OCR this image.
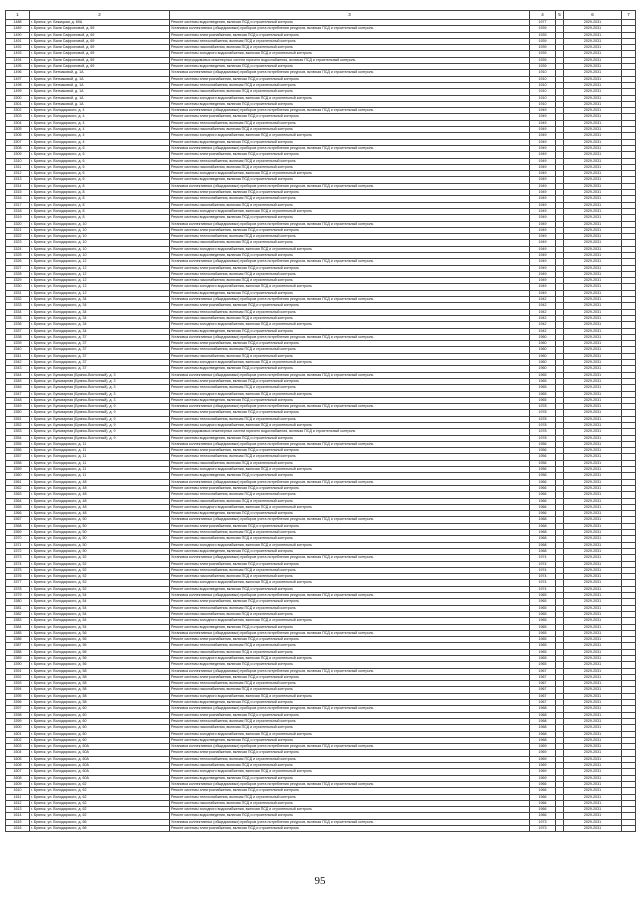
1	2	3	4	5	6	7
1488	г. Брянск, ул. Бежицкая, д. 69А	Ремонт системы водоотведения, включая ПСД и строительный контроль	1977		2029-2031	
1489	г. Брянск, ул. Вали Сафроновой, д. 69	Установка коллективных (общедомовых) приборов учета потребления ресурсов, включая ПСД и строительный контроль	1939		2029-2031	
1490	г. Брянск, ул. Вали Сафроновой, д. 69	Ремонт системы электроснабжения, включая ПСД и строительный контроль	1939		2029-2031	
1491	г. Брянск, ул. Вали Сафроновой, д. 69	Ремонт системы теплоснабжения, включая ПСД и строительный контроль	1939		2029-2031	
1492	г. Брянск, ул. Вали Сафроновой, д. 69	Ремонт системы газоснабжения, включая ПСД и строительный контроль	1939		2029-2031	
1493	г. Брянск, ул. Вали Сафроновой, д. 69	Ремонт системы холодного водоснабжения, включая ПСД и строительный контроль	1939		2029-2031	
1494	г. Брянск, ул. Вали Сафроновой, д. 69	Ремонт внутридомовых инженерных систем горячего водоснабжения, включая ПСД и строительный контроль	1939		2029-2031	
1495	г. Брянск, ул. Вали Сафроновой, д. 69	Ремонт системы водоотведения, включая ПСД и строительный контроль	1939		2029-2031	
1496	г. Брянск, ул. Венчаковой, д. 1А	Установка коллективных (общедомовых) приборов учета потребления ресурсов, включая ПСД и строительный контроль	1910		2029-2031	
1497	г. Брянск, ул. Венчаковой, д. 1А	Ремонт системы электроснабжения, включая ПСД и строительный контроль	1910		2029-2031	
1498	г. Брянск, ул. Венчаковой, д. 1А	Ремонт системы теплоснабжения, включая ПСД и строительный контроль	1910		2029-2031	
1499	г. Брянск, ул. Венчаковой, д. 1А	Ремонт системы газоснабжения, включая ПСД и строительный контроль	1910		2029-2031	
1500	г. Брянск, ул. Венчаковой, д. 1А	Ремонт системы холодного водоснабжения, включая ПСД и строительный контроль	1910		2029-2031	
1501	г. Брянск, ул. Венчаковой, д. 1А	Ремонт системы водоотведения, включая ПСД и строительный контроль	1910		2029-2031	
1502	г. Брянск, ул. Володарского, д. 4	Установка коллективных (общедомовых) приборов учета потребления ресурсов, включая ПСД и строительный контроль	1949		2029-2031	
1503	г. Брянск, ул. Володарского, д. 4	Ремонт системы электроснабжения, включая ПСД и строительный контроль	1949		2029-2031	
1504	г. Брянск, ул. Володарского, д. 4	Ремонт системы теплоснабжения, включая ПСД и строительный контроль	1949		2029-2031	
1505	г. Брянск, ул. Володарского, д. 4	Ремонт системы газоснабжения, включая ПСД и строительный контроль	1949		2029-2031	
1506	г. Брянск, ул. Володарского, д. 4	Ремонт системы холодного водоснабжения, включая ПСД и строительный контроль	1949		2029-2031	
1507	г. Брянск, ул. Володарского, д. 4	Ремонт системы водоотведения, включая ПСД и строительный контроль	1949		2029-2031	
1508	г. Брянск, ул. Володарского, д. 6	Установка коллективных (общедомовых) приборов учета потребления ресурсов, включая ПСД и строительный контроль	1949		2029-2031	
1509	г. Брянск, ул. Володарского, д. 6	Ремонт системы электроснабжения, включая ПСД и строительный контроль	1949		2029-2031	
1510	г. Брянск, ул. Володарского, д. 6	Ремонт системы теплоснабжения, включая ПСД и строительный контроль	1949		2029-2031	
1511	г. Брянск, ул. Володарского, д. 6	Ремонт системы газоснабжения, включая ПСД и строительный контроль	1949		2029-2031	
1512	г. Брянск, ул. Володарского, д. 6	Ремонт системы холодного водоснабжения, включая ПСД и строительный контроль	1949		2029-2031	
1513	г. Брянск, ул. Володарского, д. 6	Ремонт системы водоотведения, включая ПСД и строительный контроль	1949		2029-2031	
1514	г. Брянск, ул. Володарского, д. 8	Установка коллективных (общедомовых) приборов учета потребления ресурсов, включая ПСД и строительный контроль	1949		2029-2031	
1515	г. Брянск, ул. Володарского, д. 8	Ремонт системы электроснабжения, включая ПСД и строительный контроль	1949		2029-2031	
1516	г. Брянск, ул. Володарского, д. 8	Ремонт системы теплоснабжения, включая ПСД и строительный контроль	1949		2029-2031	
1517	г. Брянск, ул. Володарского, д. 8	Ремонт системы газоснабжения, включая ПСД и строительный контроль	1949		2029-2031	
1518	г. Брянск, ул. Володарского, д. 8	Ремонт системы холодного водоснабжения, включая ПСД и строительный контроль	1949		2029-2031	
1519	г. Брянск, ул. Володарского, д. 8	Ремонт системы водоотведения, включая ПСД и строительный контроль	1949		2029-2031	
1520	г. Брянск, ул. Володарского, д. 10	Установка коллективных (общедомовых) приборов учета потребления ресурсов, включая ПСД и строительный контроль	1949		2029-2031	
1521	г. Брянск, ул. Володарского, д. 10	Ремонт системы электроснабжения, включая ПСД и строительный контроль	1949		2029-2031	
1522	г. Брянск, ул. Володарского, д. 10	Ремонт системы теплоснабжения, включая ПСД и строительный контроль	1949		2029-2031	
1523	г. Брянск, ул. Володарского, д. 10	Ремонт системы газоснабжения, включая ПСД и строительный контроль	1949		2029-2031	
1524	г. Брянск, ул. Володарского, д. 10	Ремонт системы холодного водоснабжения, включая ПСД и строительный контроль	1949		2029-2031	
1525	г. Брянск, ул. Володарского, д. 10	Ремонт системы водоотведения, включая ПСД и строительный контроль	1949		2029-2031	
1526	г. Брянск, ул. Володарского, д. 12	Установка коллективных (общедомовых) приборов учета потребления ресурсов, включая ПСД и строительный контроль	1949		2029-2031	
1527	г. Брянск, ул. Володарского, д. 12	Ремонт системы электроснабжения, включая ПСД и строительный контроль	1949		2029-2031	
1528	г. Брянск, ул. Володарского, д. 12	Ремонт системы теплоснабжения, включая ПСД и строительный контроль	1949		2029-2031	
1529	г. Брянск, ул. Володарского, д. 12	Ремонт системы газоснабжения, включая ПСД и строительный контроль	1949		2029-2031	
1530	г. Брянск, ул. Володарского, д. 12	Ремонт системы холодного водоснабжения, включая ПСД и строительный контроль	1949		2029-2031	
1531	г. Брянск, ул. Володарского, д. 12	Ремонт системы водоотведения, включая ПСД и строительный контроль	1949		2029-2031	
1532	г. Брянск, ул. Володарского, д. 34	Установка коллективных (общедомовых) приборов учета потребления ресурсов, включая ПСД и строительный контроль	1942		2029-2031	
1533	г. Брянск, ул. Володарского, д. 34	Ремонт системы электроснабжения, включая ПСД и строительный контроль	1942		2029-2031	
1534	г. Брянск, ул. Володарского, д. 34	Ремонт системы теплоснабжения, включая ПСД и строительный контроль	1942		2029-2031	
1535	г. Брянск, ул. Володарского, д. 34	Ремонт системы газоснабжения, включая ПСД и строительный контроль	1942		2029-2031	
1536	г. Брянск, ул. Володарского, д. 34	Ремонт системы холодного водоснабжения, включая ПСД и строительный контроль	1942		2029-2031	
1537	г. Брянск, ул. Володарского, д. 34	Ремонт системы водоотведения, включая ПСД и строительный контроль	1942		2029-2031	
1538	г. Брянск, ул. Володарского, д. 37	Установка коллективных (общедомовых) приборов учета потребления ресурсов, включая ПСД и строительный контроль	1960		2029-2031	
1539	г. Брянск, ул. Володарского, д. 37	Ремонт системы электроснабжения, включая ПСД и строительный контроль	1960		2029-2031	
1540	г. Брянск, ул. Володарского, д. 37	Ремонт системы теплоснабжения, включая ПСД и строительный контроль	1960		2029-2031	
1541	г. Брянск, ул. Володарского, д. 37	Ремонт системы газоснабжения, включая ПСД и строительный контроль	1960		2029-2031	
1542	г. Брянск, ул. Володарского, д. 37	Ремонт системы холодного водоснабжения, включая ПСД и строительный контроль	1960		2029-2031	
1543	г. Брянск, ул. Володарского, д. 37	Ремонт системы водоотведения, включая ПСД и строительный контроль	1960		2029-2031	
1544	г. Брянск, ул. Бульварная (Брянск-Восточный), д. 3	Установка коллективных (общедомовых) приборов учета потребления ресурсов, включая ПСД и строительный контроль	1965		2029-2031	
1545	г. Брянск, ул. Бульварная (Брянск-Восточный), д. 3	Ремонт системы электроснабжения, включая ПСД и строительный контроль	1965		2029-2031	
1546	г. Брянск, ул. Бульварная (Брянск-Восточный), д. 3	Ремонт системы теплоснабжения, включая ПСД и строительный контроль	1965		2029-2031	
1547	г. Брянск, ул. Бульварная (Брянск-Восточный), д. 3	Ремонт системы холодного водоснабжения, включая ПСД и строительный контроль	1965		2029-2031	
1548	г. Брянск, ул. Бульварная (Брянск-Восточный), д. 3	Ремонт системы водоотведения, включая ПСД и строительный контроль	1965		2029-2031	
1549	г. Брянск, ул. Бульварная (Брянск-Восточный), д. 9	Установка коллективных (общедомовых) приборов учета потребления ресурсов, включая ПСД и строительный контроль	1978		2029-2031	
1550	г. Брянск, ул. Бульварная (Брянск-Восточный), д. 9	Ремонт системы электроснабжения, включая ПСД и строительный контроль	1978		2029-2031	
1551	г. Брянск, ул. Бульварная (Брянск-Восточный), д. 9	Ремонт системы теплоснабжения, включая ПСД и строительный контроль	1978		2029-2031	
1552	г. Брянск, ул. Бульварная (Брянск-Восточный), д. 9	Ремонт системы холодного водоснабжения, включая ПСД и строительный контроль	1978		2029-2031	
1553	г. Брянск, ул. Бульварная (Брянск-Восточный), д. 9	Ремонт внутридомовых инженерных систем горячего водоснабжения, включая ПСД и строительный контроль	1978		2029-2031	
1554	г. Брянск, ул. Бульварная (Брянск-Восточный), д. 9	Ремонт системы водоотведения, включая ПСД и строительный контроль	1978		2029-2031	
1555	г. Брянск, ул. Володарского, д. 11	Установка коллективных (общедомовых) приборов учета потребления ресурсов, включая ПСД и строительный контроль	1956		2029-2031	
1556	г. Брянск, ул. Володарского, д. 11	Ремонт системы электроснабжения, включая ПСД и строительный контроль	1956		2029-2031	
1557	г. Брянск, ул. Володарского, д. 11	Ремонт системы теплоснабжения, включая ПСД и строительный контроль	1956		2029-2031	
1558	г. Брянск, ул. Володарского, д. 11	Ремонт системы газоснабжения, включая ПСД и строительный контроль	1956		2029-2031	
1559	г. Брянск, ул. Володарского, д. 11	Ремонт системы холодного водоснабжения, включая ПСД и строительный контроль	1956		2029-2031	
1560	г. Брянск, ул. Володарского, д. 11	Ремонт системы водоотведения, включая ПСД и строительный контроль	1956		2029-2031	
1561	г. Брянск, ул. Володарского, д. 48	Установка коллективных (общедомовых) приборов учета потребления ресурсов, включая ПСД и строительный контроль	1966		2029-2031	
1562	г. Брянск, ул. Володарского, д. 48	Ремонт системы электроснабжения, включая ПСД и строительный контроль	1966		2029-2031	
1563	г. Брянск, ул. Володарского, д. 48	Ремонт системы теплоснабжения, включая ПСД и строительный контроль	1966		2029-2031	
1564	г. Брянск, ул. Володарского, д. 48	Ремонт системы газоснабжения, включая ПСД и строительный контроль	1966		2029-2031	
1565	г. Брянск, ул. Володарского, д. 48	Ремонт системы холодного водоснабжения, включая ПСД и строительный контроль	1966		2029-2031	
1566	г. Брянск, ул. Володарского, д. 48	Ремонт системы водоотведения, включая ПСД и строительный контроль	1966		2029-2031	
1567	г. Брянск, ул. Володарского, д. 50	Установка коллективных (общедомовых) приборов учета потребления ресурсов, включая ПСД и строительный контроль	1968		2029-2031	
1568	г. Брянск, ул. Володарского, д. 50	Ремонт системы электроснабжения, включая ПСД и строительный контроль	1968		2029-2031	
1569	г. Брянск, ул. Володарского, д. 50	Ремонт системы теплоснабжения, включая ПСД и строительный контроль	1968		2029-2031	
1570	г. Брянск, ул. Володарского, д. 50	Ремонт системы газоснабжения, включая ПСД и строительный контроль	1968		2029-2031	
1571	г. Брянск, ул. Володарского, д. 50	Ремонт системы холодного водоснабжения, включая ПСД и строительный контроль	1968		2029-2031	
1572	г. Брянск, ул. Володарского, д. 50	Ремонт системы водоотведения, включая ПСД и строительный контроль	1968		2029-2031	
1573	г. Брянск, ул. Володарского, д. 52	Установка коллективных (общедомовых) приборов учета потребления ресурсов, включая ПСД и строительный контроль	1974		2029-2031	
1574	г. Брянск, ул. Володарского, д. 52	Ремонт системы электроснабжения, включая ПСД и строительный контроль	1974		2029-2031	
1575	г. Брянск, ул. Володарского, д. 52	Ремонт системы теплоснабжения, включая ПСД и строительный контроль	1974		2029-2031	
1576	г. Брянск, ул. Володарского, д. 52	Ремонт системы газоснабжения, включая ПСД и строительный контроль	1974		2029-2031	
1577	г. Брянск, ул. Володарского, д. 52	Ремонт системы холодного водоснабжения, включая ПСД и строительный контроль	1974		2029-2031	
1578	г. Брянск, ул. Володарского, д. 52	Ремонт системы водоотведения, включая ПСД и строительный контроль	1974		2029-2031	
1579	г. Брянск, ул. Володарского, д. 54	Установка коллективных (общедомовых) приборов учета потребления ресурсов, включая ПСД и строительный контроль	1965		2029-2031	
1580	г. Брянск, ул. Володарского, д. 54	Ремонт системы электроснабжения, включая ПСД и строительный контроль	1965		2029-2031	
1581	г. Брянск, ул. Володарского, д. 54	Ремонт системы теплоснабжения, включая ПСД и строительный контроль	1965		2029-2031	
1582	г. Брянск, ул. Володарского, д. 54	Ремонт системы газоснабжения, включая ПСД и строительный контроль	1965		2029-2031	
1583	г. Брянск, ул. Володарского, д. 54	Ремонт системы холодного водоснабжения, включая ПСД и строительный контроль	1965		2029-2031	
1584	г. Брянск, ул. Володарского, д. 54	Ремонт системы водоотведения, включая ПСД и строительный контроль	1965		2029-2031	
1585	г. Брянск, ул. Володарского, д. 56	Установка коллективных (общедомовых) приборов учета потребления ресурсов, включая ПСД и строительный контроль	1965		2029-2031	
1586	г. Брянск, ул. Володарского, д. 56	Ремонт системы электроснабжения, включая ПСД и строительный контроль	1965		2029-2031	
1587	г. Брянск, ул. Володарского, д. 56	Ремонт системы теплоснабжения, включая ПСД и строительный контроль	1965		2029-2031	
1588	г. Брянск, ул. Володарского, д. 56	Ремонт системы газоснабжения, включая ПСД и строительный контроль	1965		2029-2031	
1589	г. Брянск, ул. Володарского, д. 56	Ремонт системы холодного водоснабжения, включая ПСД и строительный контроль	1965		2029-2031	
1590	г. Брянск, ул. Володарского, д. 56	Ремонт системы водоотведения, включая ПСД и строительный контроль	1965		2029-2031	
1591	г. Брянск, ул. Володарского, д. 58	Установка коллективных (общедомовых) приборов учета потребления ресурсов, включая ПСД и строительный контроль	1967		2029-2031	
1592	г. Брянск, ул. Володарского, д. 58	Ремонт системы электроснабжения, включая ПСД и строительный контроль	1967		2029-2031	
1593	г. Брянск, ул. Володарского, д. 58	Ремонт системы теплоснабжения, включая ПСД и строительный контроль	1967		2029-2031	
1594	г. Брянск, ул. Володарского, д. 58	Ремонт системы газоснабжения, включая ПСД и строительный контроль	1967		2029-2031	
1595	г. Брянск, ул. Володарского, д. 58	Ремонт системы холодного водоснабжения, включая ПСД и строительный контроль	1967		2029-2031	
1596	г. Брянск, ул. Володарского, д. 58	Ремонт системы водоотведения, включая ПСД и строительный контроль	1967		2029-2031	
1597	г. Брянск, ул. Володарского, д. 60	Установка коллективных (общедомовых) приборов учета потребления ресурсов, включая ПСД и строительный контроль	1968		2029-2031	
1598	г. Брянск, ул. Володарского, д. 60	Ремонт системы электроснабжения, включая ПСД и строительный контроль	1968		2029-2031	
1599	г. Брянск, ул. Володарского, д. 60	Ремонт системы теплоснабжения, включая ПСД и строительный контроль	1968		2029-2031	
1600	г. Брянск, ул. Володарского, д. 60	Ремонт системы газоснабжения, включая ПСД и строительный контроль	1968		2029-2031	
1601	г. Брянск, ул. Володарского, д. 60	Ремонт системы холодного водоснабжения, включая ПСД и строительный контроль	1968		2029-2031	
1602	г. Брянск, ул. Володарского, д. 60	Ремонт системы водоотведения, включая ПСД и строительный контроль	1968		2029-2031	
1603	г. Брянск, ул. Володарского, д. 60А	Установка коллективных (общедомовых) приборов учета потребления ресурсов, включая ПСД и строительный контроль	1969		2029-2031	
1604	г. Брянск, ул. Володарского, д. 60А	Ремонт системы электроснабжения, включая ПСД и строительный контроль	1969		2029-2031	
1605	г. Брянск, ул. Володарского, д. 60А	Ремонт системы теплоснабжения, включая ПСД и строительный контроль	1969		2029-2031	
1606	г. Брянск, ул. Володарского, д. 60А	Ремонт системы газоснабжения, включая ПСД и строительный контроль	1969		2029-2031	
1607	г. Брянск, ул. Володарского, д. 60А	Ремонт системы холодного водоснабжения, включая ПСД и строительный контроль	1969		2029-2031	
1608	г. Брянск, ул. Володарского, д. 60А	Ремонт системы водоотведения, включая ПСД и строительный контроль	1969		2029-2031	
1609	г. Брянск, ул. Володарского, д. 62	Установка коллективных (общедомовых) приборов учета потребления ресурсов, включая ПСД и строительный контроль	1966		2029-2031	
1610	г. Брянск, ул. Володарского, д. 62	Ремонт системы электроснабжения, включая ПСД и строительный контроль	1966		2029-2031	
1611	г. Брянск, ул. Володарского, д. 62	Ремонт системы теплоснабжения, включая ПСД и строительный контроль	1966		2029-2031	
1612	г. Брянск, ул. Володарского, д. 62	Ремонт системы газоснабжения, включая ПСД и строительный контроль	1966		2029-2031	
1613	г. Брянск, ул. Володарского, д. 62	Ремонт системы холодного водоснабжения, включая ПСД и строительный контроль	1966		2029-2031	
1614	г. Брянск, ул. Володарского, д. 62	Ремонт системы водоотведения, включая ПСД и строительный контроль	1966		2029-2031	
1615	г. Брянск, ул. Володарского, д. 66	Установка коллективных (общедомовых) приборов учета потребления ресурсов, включая ПСД и строительный контроль	1973		2029-2031	
1616	г. Брянск, ул. Володарского, д. 66	Ремонт системы электроснабжения, включая ПСД и строительный контроль	1973		2029-2031	
95
